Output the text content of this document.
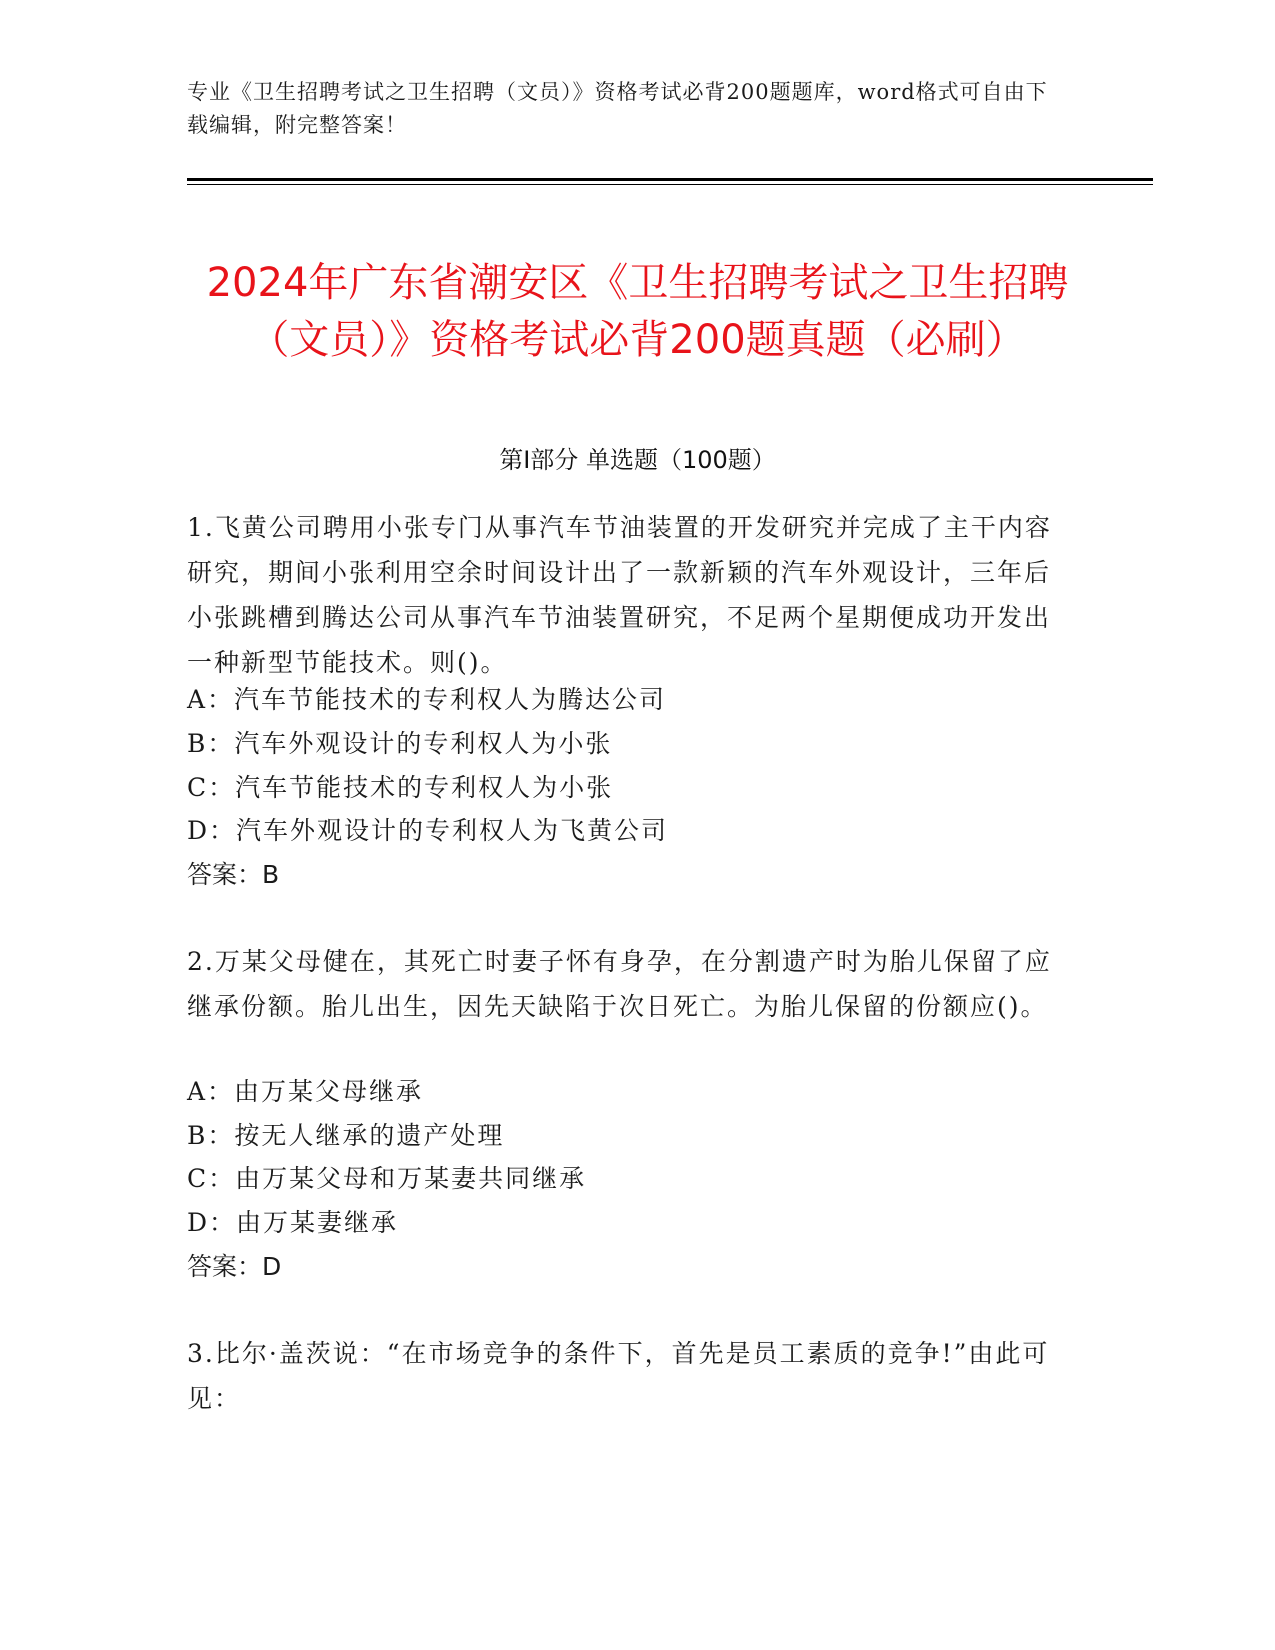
专业《卫生招聘考试之卫生招聘（文员）》资格考试必背200题题库，word格式可自由下载编辑，附完整答案！
2024年广东省潮安区《卫生招聘考试之卫生招聘（文员）》资格考试必背200题真题（必刷）
第I部分 单选题（100题）
1.飞黄公司聘用小张专门从事汽车节油装置的开发研究并完成了主干内容研究，期间小张利用空余时间设计出了一款新颖的汽车外观设计，三年后小张跳槽到腾达公司从事汽车节油装置研究，不足两个星期便成功开发出一种新型节能技术。则()。
A：汽车节能技术的专利权人为腾达公司
B：汽车外观设计的专利权人为小张
C：汽车节能技术的专利权人为小张
D：汽车外观设计的专利权人为飞黄公司
答案：B
2.万某父母健在，其死亡时妻子怀有身孕，在分割遗产时为胎儿保留了应继承份额。胎儿出生，因先天缺陷于次日死亡。为胎儿保留的份额应()。
A：由万某父母继承
B：按无人继承的遗产处理
C：由万某父母和万某妻共同继承
D：由万某妻继承
答案：D
3.比尔·盖茨说：“在市场竞争的条件下，首先是员工素质的竞争!”由此可见：
